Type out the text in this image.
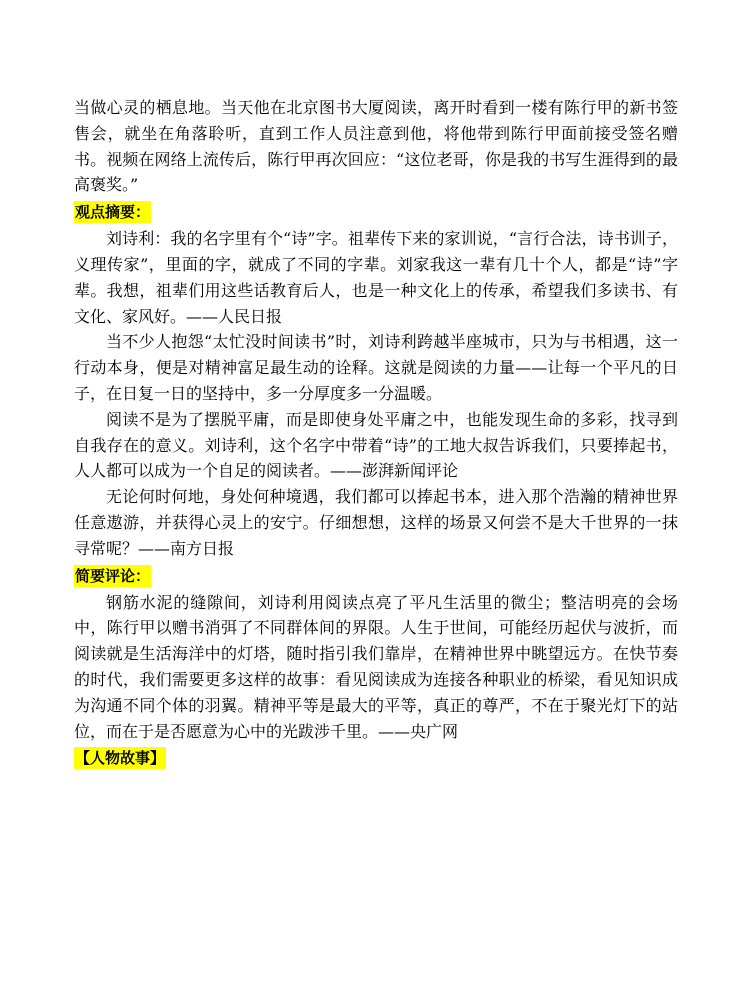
当做心灵的栖息地。当天他在北京图书大厦阅读，离开时看到一楼有陈行甲的新书签售会，就坐在角落聆听，直到工作人员注意到他，将他带到陈行甲面前接受签名赠书。视频在网络上流传后，陈行甲再次回应：“这位老哥，你是我的书写生涯得到的最高褒奖。”

观点摘要：

刘诗利：我的名字里有个“诗”字。祖辈传下来的家训说，“言行合法，诗书训子，义理传家”，里面的字，就成了不同的字辈。刘家我这一辈有几十个人，都是“诗”字辈。我想，祖辈们用这些话教育后人，也是一种文化上的传承，希望我们多读书、有文化、家风好。——人民日报

当不少人抱怨“太忙没时间读书”时，刘诗利跨越半座城市，只为与书相遇，这一行动本身，便是对精神富足最生动的诠释。这就是阅读的力量——让每一个平凡的日子，在日复一日的坚持中，多一分厚度多一分温暖。

阅读不是为了摆脱平庸，而是即使身处平庸之中，也能发现生命的多彩，找寻到自我存在的意义。刘诗利，这个名字中带着“诗”的工地大叔告诉我们，只要捧起书，人人都可以成为一个自足的阅读者。——澎湃新闻评论

无论何时何地，身处何种境遇，我们都可以捧起书本，进入那个浩瀚的精神世界任意遨游，并获得心灵上的安宁。仔细想想，这样的场景又何尝不是大千世界的一抹寻常呢？——南方日报

简要评论：

钢筋水泥的缝隙间，刘诗利用阅读点亮了平凡生活里的微尘；整洁明亮的会场中，陈行甲以赠书消弭了不同群体间的界限。人生于世间，可能经历起伏与波折，而阅读就是生活海洋中的灯塔，随时指引我们靠岸，在精神世界中眺望远方。在快节奏的时代，我们需要更多这样的故事：看见阅读成为连接各种职业的桥梁，看见知识成为沟通不同个体的羽翼。精神平等是最大的平等，真正的尊严，不在于聚光灯下的站位，而在于是否愿意为心中的光跋涉千里。——央广网

【人物故事】
